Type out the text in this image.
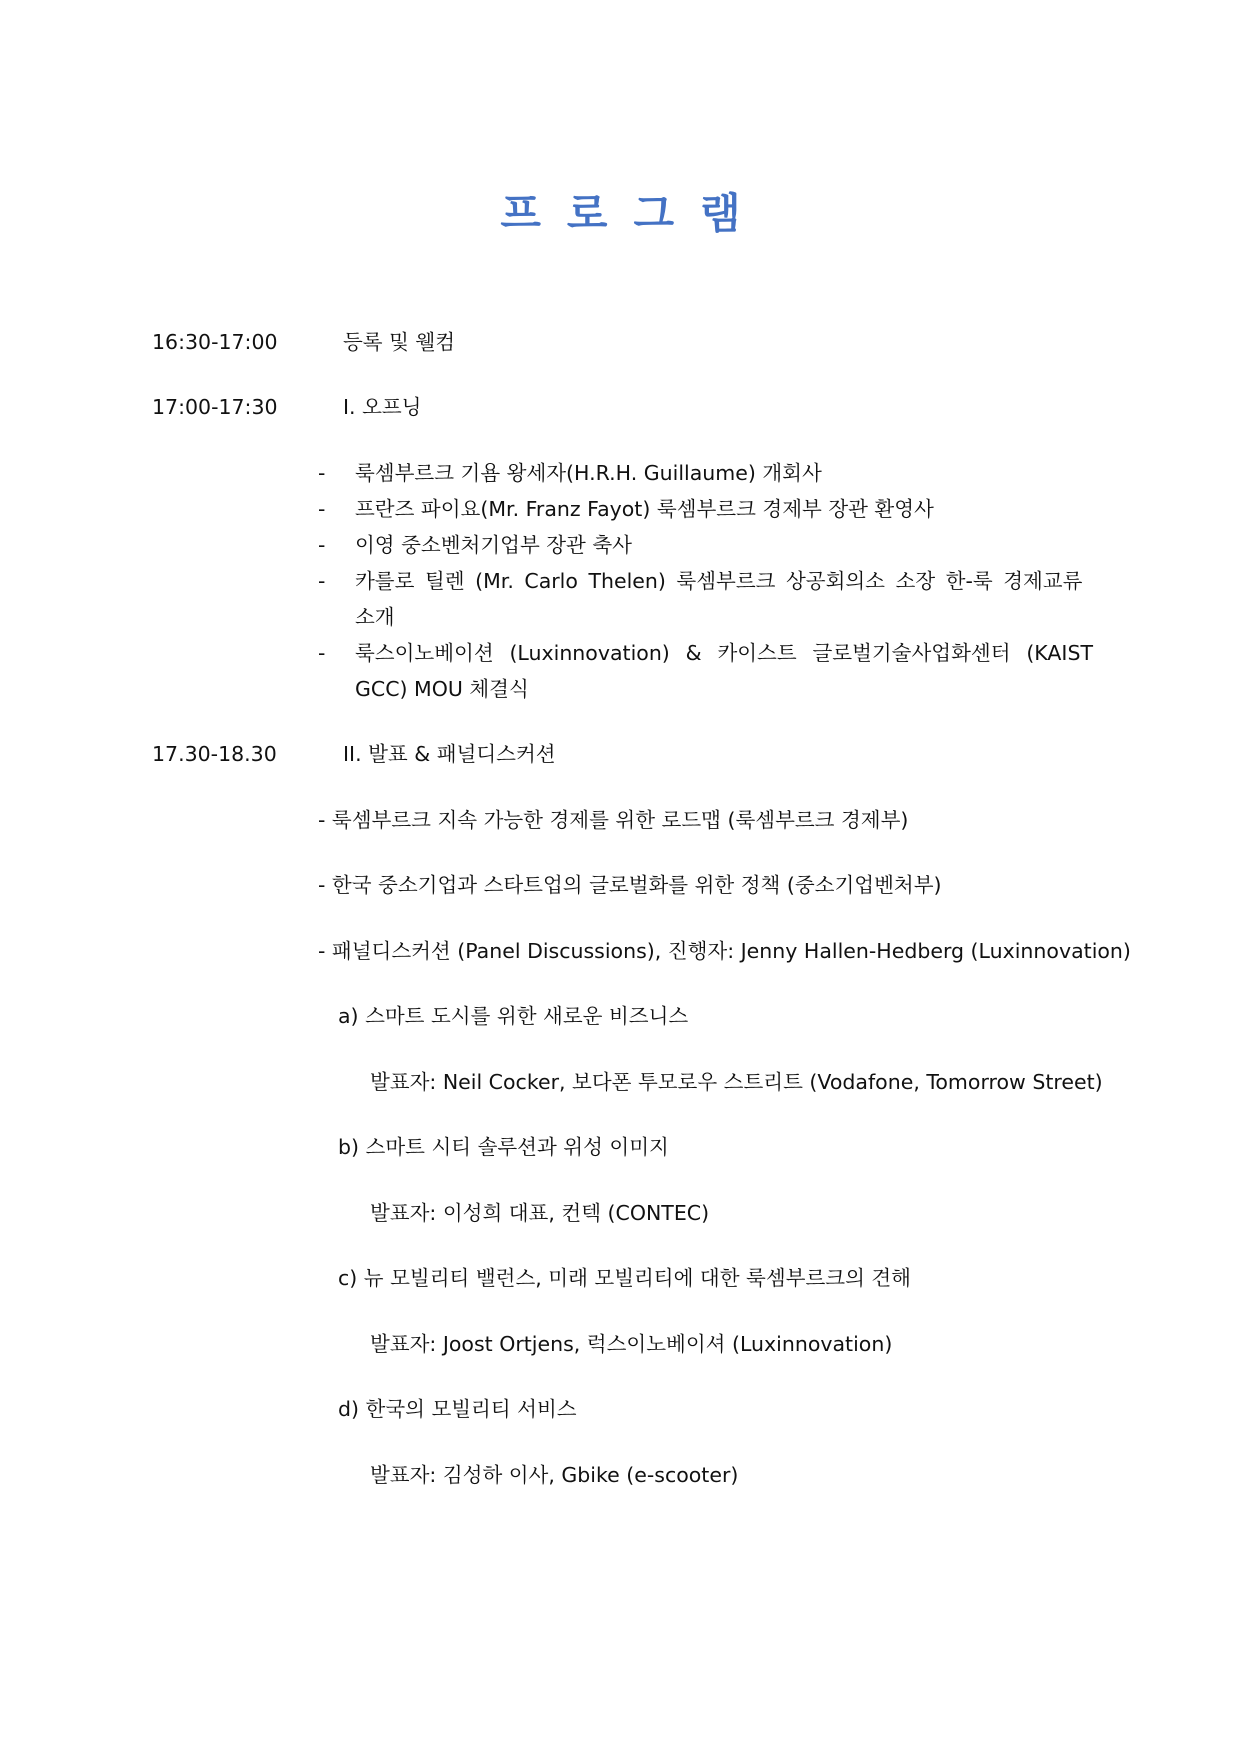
프로그램
16:30-17:00	등록 및 웰컴
17:00-17:30	I. 오프닝
- 룩셈부르크 기욤 왕세자(H.R.H. Guillaume) 개회사
- 프란즈 파이요(Mr. Franz Fayot) 룩셈부르크 경제부 장관 환영사
- 이영 중소벤처기업부 장관 축사
- 카를로 틸렌 (Mr. Carlo Thelen) 룩셈부르크 상공회의소 소장 한-룩 경제교류
소개
- 룩스이노베이션 (Luxinnovation) & 카이스트 글로벌기술사업화센터 (KAIST
GCC) MOU 체결식
17.30-18.30	II. 발표 & 패널디스커션
- 룩셈부르크 지속 가능한 경제를 위한 로드맵 (룩셈부르크 경제부)
- 한국 중소기업과 스타트업의 글로벌화를 위한 정책 (중소기업벤처부)
- 패널디스커션 (Panel Discussions), 진행자: Jenny Hallen-Hedberg (Luxinnovation)
a) 스마트 도시를 위한 새로운 비즈니스
발표자: Neil Cocker, 보다폰 투모로우 스트리트 (Vodafone, Tomorrow Street)
b) 스마트 시티 솔루션과 위성 이미지
발표자: 이성희 대표, 컨텍 (CONTEC)
c) 뉴 모빌리티 밸런스, 미래 모빌리티에 대한 룩셈부르크의 견해
발표자: Joost Ortjens, 럭스이노베이셔 (Luxinnovation)
d) 한국의 모빌리티 서비스
발표자: 김성하 이사, Gbike (e-scooter)
